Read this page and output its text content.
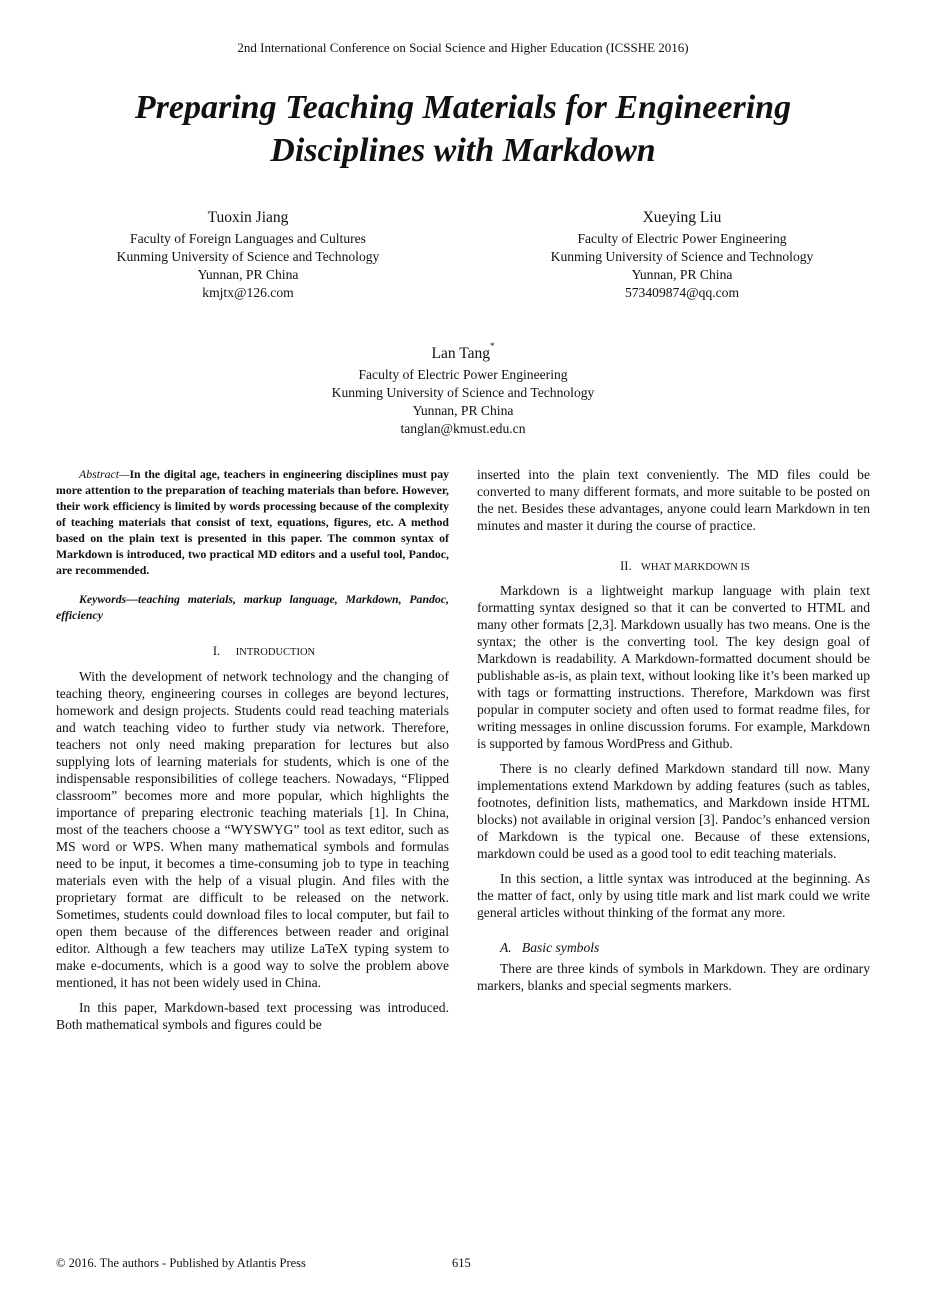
2nd International Conference on Social Science and Higher Education (ICSSHE 2016)
Preparing Teaching Materials for Engineering
Disciplines with Markdown
Tuoxin Jiang
Faculty of Foreign Languages and Cultures
Kunming University of Science and Technology
Yunnan, PR China
kmjtx@126.com
Xueying Liu
Faculty of Electric Power Engineering
Kunming University of Science and Technology
Yunnan, PR China
573409874@qq.com
Lan Tang*
Faculty of Electric Power Engineering
Kunming University of Science and Technology
Yunnan, PR China
tanglan@kmust.edu.cn

Abstract—In the digital age, teachers in engineering disciplines must pay more attention to the preparation of teaching materials than before. However, their work efficiency is limited by words processing because of the complexity of teaching materials that consist of text, equations, figures, etc. A method based on the plain text is presented in this paper. The common syntax of Markdown is introduced, two practical MD editors and a useful tool, Pandoc, are recommended.

Keywords—teaching materials, markup language, Markdown, Pandoc, efficiency

I. INTRODUCTION

With the development of network technology and the changing of teaching theory, engineering courses in colleges are beyond lectures, homework and design projects. Students could read teaching materials and watch teaching video to further study via network. Therefore, teachers not only need making preparation for lectures but also supplying lots of learning materials for students, which is one of the indispensable responsibilities of college teachers. Nowadays, “Flipped classroom” becomes more and more popular, which highlights the importance of preparing electronic teaching materials [1]. In China, most of the teachers choose a “WYSWYG” tool as text editor, such as MS word or WPS. When many mathematical symbols and formulas need to be input, it becomes a time-consuming job to type in teaching materials even with the help of a visual plugin. And files with the proprietary format are difficult to be released on the network. Sometimes, students could download files to local computer, but fail to open them because of the differences between reader and original editor. Although a few teachers may utilize LaTeX typing system to make e-documents, which is a good way to solve the problem above mentioned, it has not been widely used in China.

In this paper, Markdown-based text processing was introduced. Both mathematical symbols and figures could be

inserted into the plain text conveniently. The MD files could be converted to many different formats, and more suitable to be posted on the net. Besides these advantages, anyone could learn Markdown in ten minutes and master it during the course of practice.

II. WHAT MARKDOWN IS

Markdown is a lightweight markup language with plain text formatting syntax designed so that it can be converted to HTML and many other formats [2,3]. Markdown usually has two means. One is the syntax; the other is the converting tool. The key design goal of Markdown is readability. A Markdown-formatted document should be publishable as-is, as plain text, without looking like it’s been marked up with tags or formatting instructions. Therefore, Markdown was first popular in computer society and often used to format readme files, for writing messages in online discussion forums. For example, Markdown is supported by famous WordPress and Github.

There is no clearly defined Markdown standard till now. Many implementations extend Markdown by adding features (such as tables, footnotes, definition lists, mathematics, and Markdown inside HTML blocks) not available in original version [3]. Pandoc’s enhanced version of Markdown is the typical one. Because of these extensions, markdown could be used as a good tool to edit teaching materials.

In this section, a little syntax was introduced at the beginning. As the matter of fact, only by using title mark and list mark could we write general articles without thinking of the format any more.

A. Basic symbols

There are three kinds of symbols in Markdown. They are ordinary markers, blanks and special segments markers.

© 2016. The authors - Published by Atlantis Press	615
